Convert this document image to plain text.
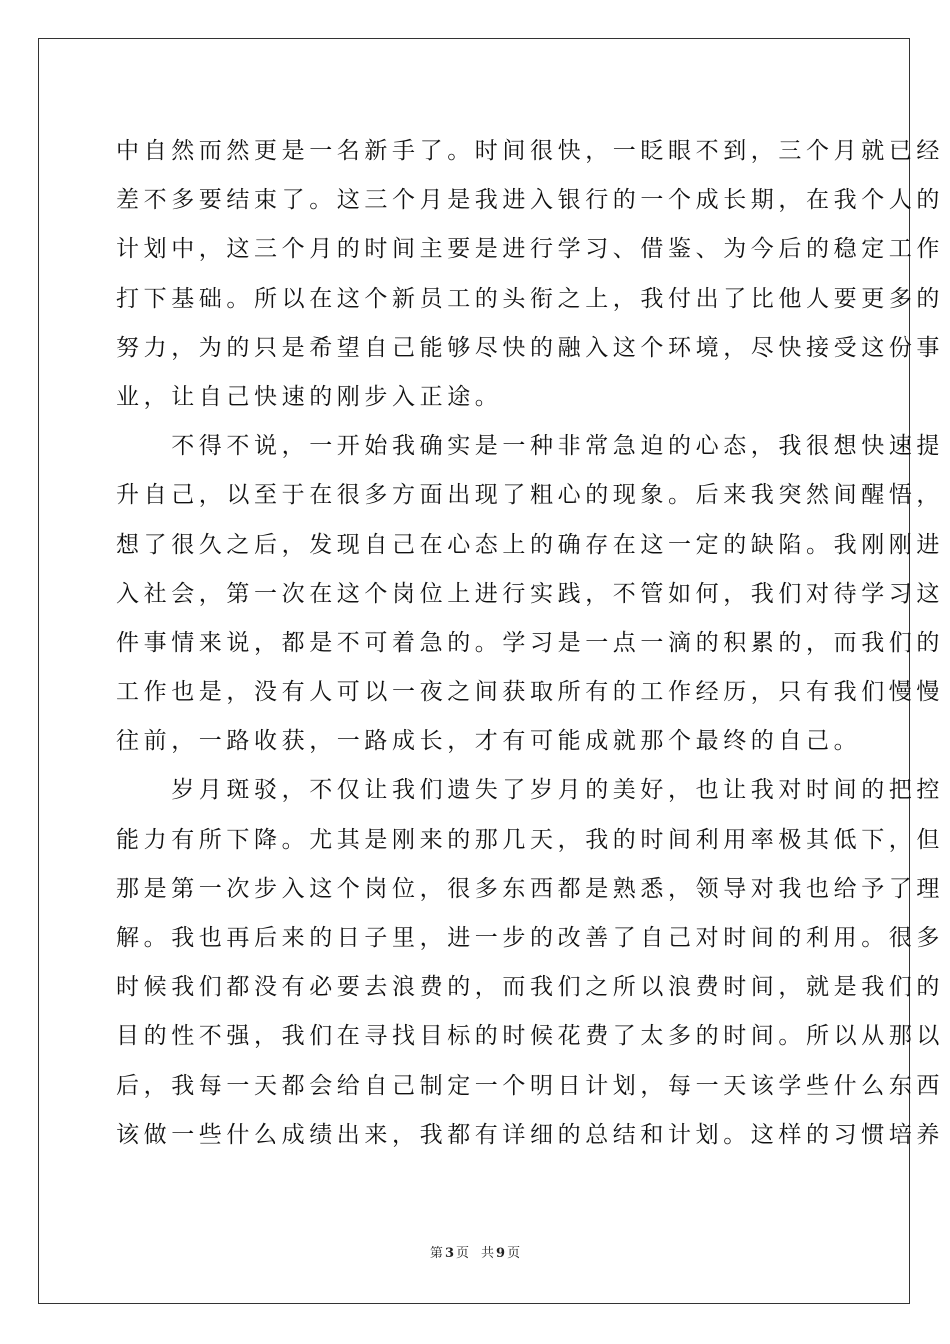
中自然而然更是一名新手了。时间很快，一眨眼不到，三个月就已经
差不多要结束了。这三个月是我进入银行的一个成长期，在我个人的
计划中，这三个月的时间主要是进行学习、借鉴、为今后的稳定工作
打下基础。所以在这个新员工的头衔之上，我付出了比他人要更多的
努力，为的只是希望自己能够尽快的融入这个环境，尽快接受这份事
业，让自己快速的刚步入正途。
　　不得不说，一开始我确实是一种非常急迫的心态，我很想快速提
升自己，以至于在很多方面出现了粗心的现象。后来我突然间醒悟，
想了很久之后，发现自己在心态上的确存在这一定的缺陷。我刚刚进
入社会，第一次在这个岗位上进行实践，不管如何，我们对待学习这
件事情来说，都是不可着急的。学习是一点一滴的积累的，而我们的
工作也是，没有人可以一夜之间获取所有的工作经历，只有我们慢慢
往前，一路收获，一路成长，才有可能成就那个最终的自己。
　　岁月斑驳，不仅让我们遗失了岁月的美好，也让我对时间的把控
能力有所下降。尤其是刚来的那几天，我的时间利用率极其低下，但
那是第一次步入这个岗位，很多东西都是熟悉，领导对我也给予了理
解。我也再后来的日子里，进一步的改善了自己对时间的利用。很多
时候我们都没有必要去浪费的，而我们之所以浪费时间，就是我们的
目的性不强，我们在寻找目标的时候花费了太多的时间。所以从那以
后，我每一天都会给自己制定一个明日计划，每一天该学些什么东西
该做一些什么成绩出来，我都有详细的总结和计划。这样的习惯培养
第 3 页 共 9 页
